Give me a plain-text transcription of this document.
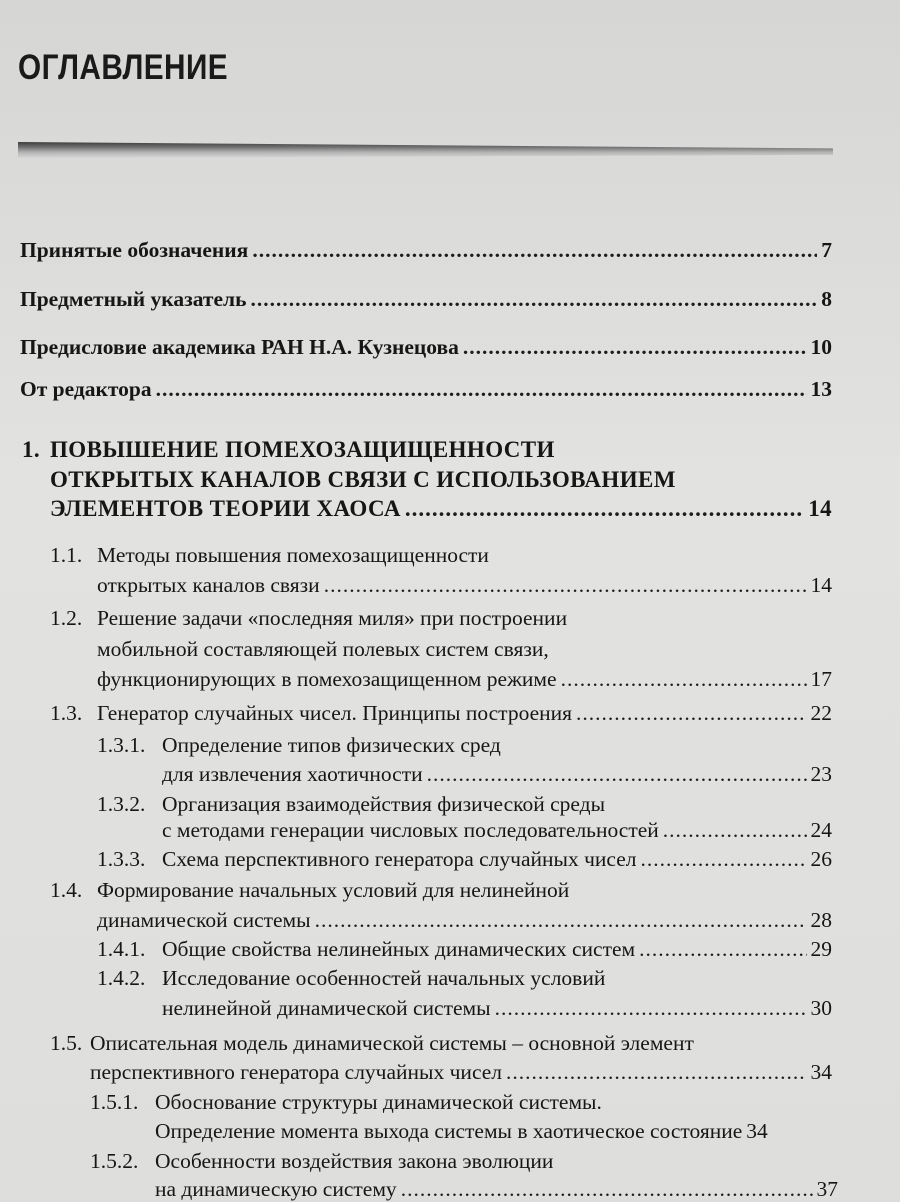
ОГЛАВЛЕНИЕ
Принятые обозначения .....	7
Предметный указатель .....	8
Предисловие академика РАН Н.А. Кузнецова .....	10
От редактора .....	13
1. ПОВЫШЕНИЕ ПОМЕХОЗАЩИЩЕННОСТИ
ОТКРЫТЫХ КАНАЛОВ СВЯЗИ С ИСПОЛЬЗОВАНИЕМ
ЭЛЕМЕНТОВ ТЕОРИИ ХАОСА .....	14
1.1. Методы повышения помехозащищенности
открытых каналов связи .....	14
1.2. Решение задачи «последняя миля» при построении
мобильной составляющей полевых систем связи,
функционирующих в помехозащищенном режиме .....	17
1.3. Генератор случайных чисел. Принципы построения .....	22
1.3.1. Определение типов физических сред
для извлечения хаотичности .....	23
1.3.2. Организация взаимодействия физической среды
с методами генерации числовых последовательностей .....	24
1.3.3. Схема перспективного генератора случайных чисел .....	26
1.4. Формирование начальных условий для нелинейной
динамической системы .....	28
1.4.1. Общие свойства нелинейных динамических систем .....	29
1.4.2. Исследование особенностей начальных условий
нелинейной динамической системы .....	30
1.5. Описательная модель динамической системы – основной элемент
перспективного генератора случайных чисел .....	34
1.5.1. Обоснование структуры динамической системы.
Определение момента выхода системы в хаотическое состояние 34
1.5.2. Особенности воздействия закона эволюции
на динамическую систему .....	37
